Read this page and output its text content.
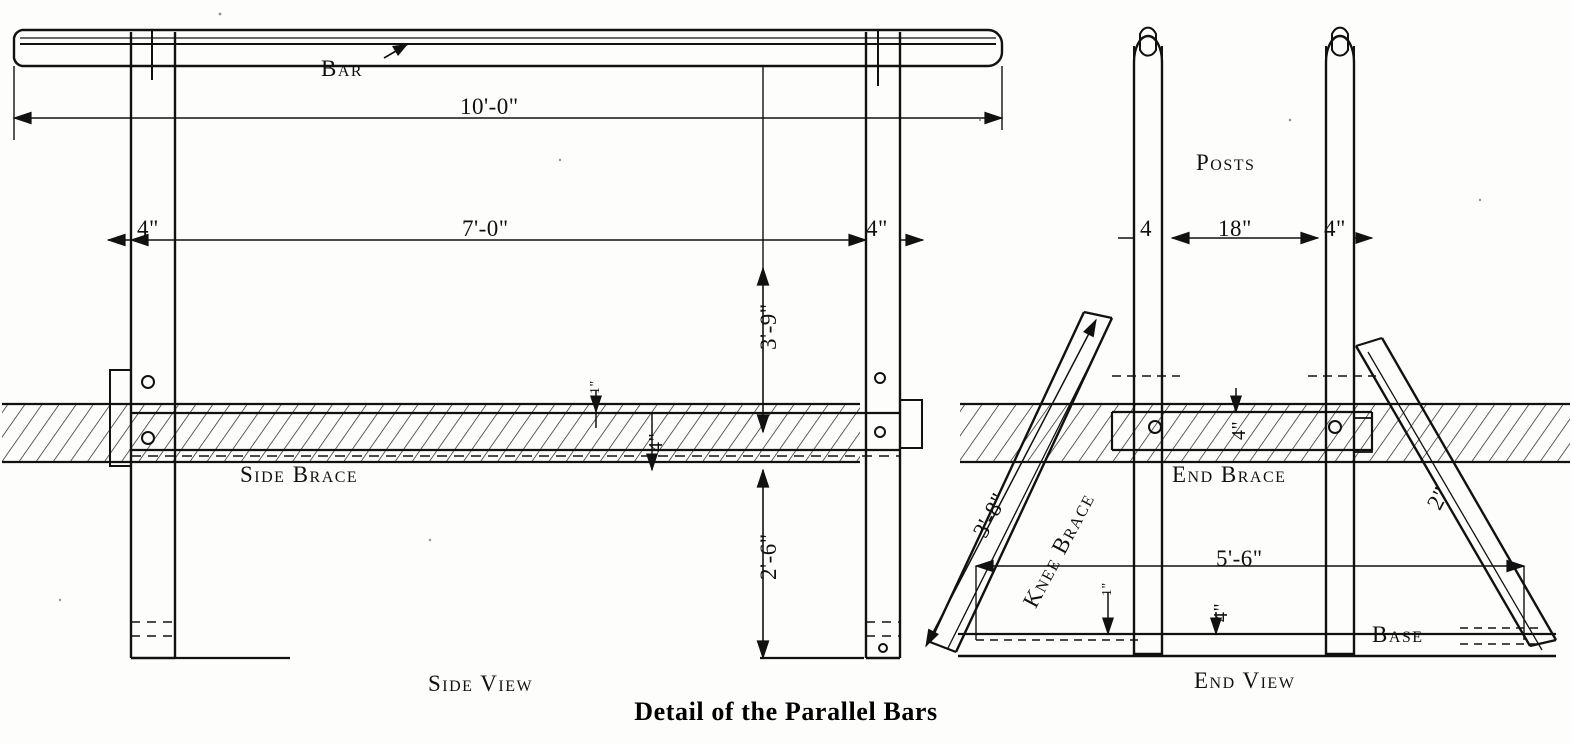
Bar
10'-0"
7'-0"
4"	4"
3'-9"
2'-6"
1"
4"
Side Brace
Side View
Posts
4	18"	4"
4"
End Brace
3'-8" Knee Brace	2"
5'-6"
1"
4"
Base
End View
Detail of the Parallel Bars
